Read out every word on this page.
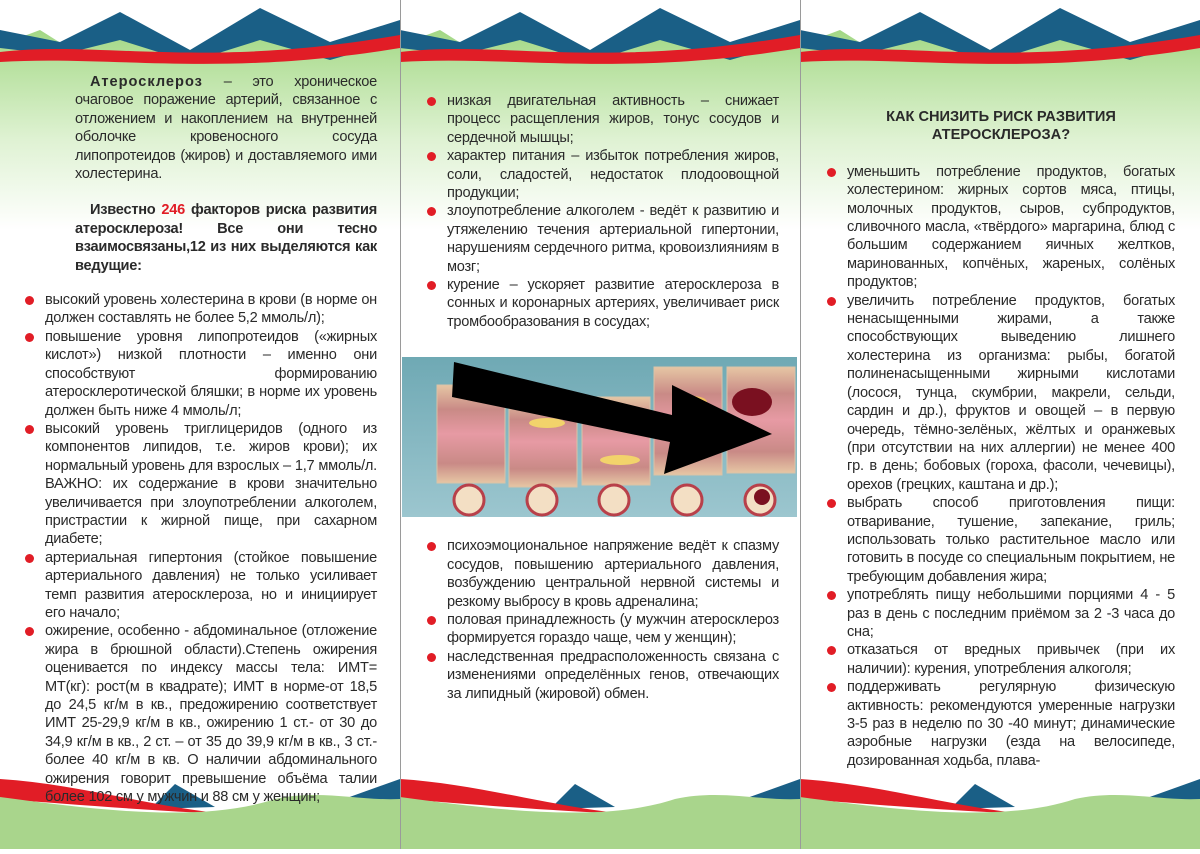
Атеросклероз – это хроническое очаговое поражение артерий, связанное с отложением и накоплением на внутренней оболочке кровеносного сосуда липопротеидов (жиров) и доставляемого ими холестерина.

Известно 246 факторов риска развития атеросклероза! Все они тесно взаимосвязаны,12 из них выделяются как ведущие:

высокий уровень холестерина в крови (в норме он должен составлять не более 5,2 ммоль/л);
повышение уровня липопротеидов («жирных кислот») низкой плотности – именно они способствуют формированию атеросклеротической бляшки; в норме их уровень должен быть ниже 4 ммоль/л;
высокий уровень триглицеридов (одного из компонентов липидов, т.е. жиров крови); их нормальный уровень для взрослых – 1,7 ммоль/л. ВАЖНО: их содержание в крови значительно увеличивается при злоупотреблении алкоголем, пристрастии к жирной пище, при сахарном диабете;
артериальная гипертония (стойкое повышение артериального давления) не только усиливает темп развития атеросклероза, но и инициирует его начало;
ожирение, особенно - абдоминальное (отложение жира в брюшной области).Степень ожирения оценивается по индексу массы тела: ИМТ= МТ(кг): рост(м в квадрате); ИМТ в норме-от 18,5 до 24,5 кг/м в кв., предожирению соответствует ИМТ 25-29,9 кг/м в кв., ожирению 1 ст.- от 30 до 34,9 кг/м в кв., 2 ст. – от 35 до 39,9 кг/м в кв., 3 ст.- более 40 кг/м в кв. О наличии абдоминального ожирения говорит превышение объёма талии более 102 см у мужчин и 88 см у женщин;
низкая двигательная активность – снижает процесс расщепления жиров, тонус сосудов и сердечной мышцы;
характер питания – избыток потребления жиров, соли, сладостей, недостаток плодоовощной продукции;
злоупотребление алкоголем - ведёт к развитию и утяжелению течения артериальной гипертонии, нарушениям сердечного ритма, кровоизлияниям в мозг;
курение – ускоряет развитие атеросклероза в сонных и коронарных артериях, увеличивает риск тромбообразования в сосудах;
психоэмоциональное напряжение ведёт к спазму сосудов, повышению артериального давления, возбуждению центральной нервной системы и резкому выбросу в кровь адреналина;
половая принадлежность (у мужчин атеросклероз формируется гораздо чаще, чем у женщин);
наследственная предрасположенность связана с изменениями определённых генов, отвечающих за липидный (жировой) обмен.
КАК СНИЗИТЬ РИСК РАЗВИТИЯ АТЕРОСКЛЕРОЗА?
уменьшить потребление продуктов, богатых холестерином: жирных сортов мяса, птицы, молочных продуктов, сыров, субпродуктов, сливочного масла, «твёрдого» маргарина, блюд с большим содержанием яичных желтков, маринованных, копчёных, жареных, солёных продуктов;
увеличить потребление продуктов, богатых ненасыщенными жирами, а также способствующих выведению лишнего холестерина из организма: рыбы, богатой полиненасыщенными жирными кислотами (лосося, тунца, скумбрии, макрели, сельди, сардин и др.), фруктов и овощей – в первую очередь, тёмно-зелёных, жёлтых и оранжевых (при отсутствии на них аллергии) не менее 400 гр. в день; бобовых (гороха, фасоли, чечевицы), орехов (грецких, каштана и др.);
выбрать способ приготовления пищи: отваривание, тушение, запекание, гриль; использовать только растительное масло или готовить в посуде со специальным покрытием, не требующим добавления жира;
употреблять пищу небольшими порциями 4 - 5 раз в день с последним приёмом за 2 -3 часа до сна;
отказаться от вредных привычек (при их наличии): курения, употребления алкоголя;
поддерживать регулярную физическую активность: рекомендуются умеренные нагрузки 3-5 раз в неделю по 30 -40 минут; динамические аэробные нагрузки (езда на велосипеде, дозированная ходьба, плава-
